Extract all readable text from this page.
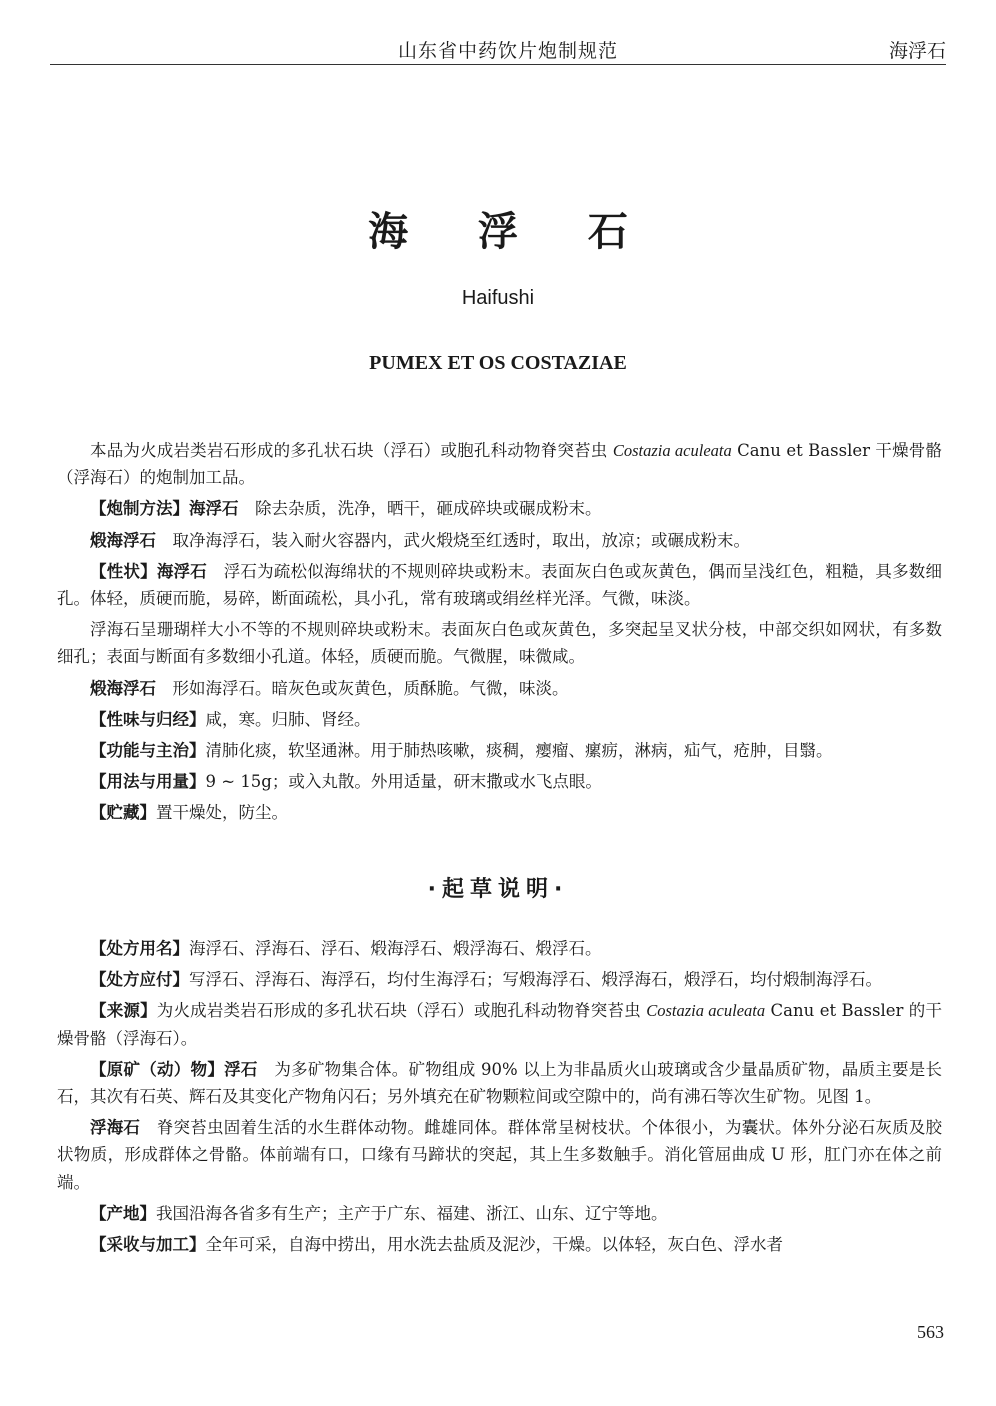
山东省中药饮片炮制规范	海浮石
海 浮 石
Haifushi
PUMEX ET OS COSTAZIAE

本品为火成岩类岩石形成的多孔状石块（浮石）或胞孔科动物脊突苔虫 Costazia aculeata Canu et Bassler 干燥骨骼（浮海石）的炮制加工品。

【炮制方法】海浮石　除去杂质，洗净，晒干，砸成碎块或碾成粉末。

煅海浮石　取净海浮石，装入耐火容器内，武火煅烧至红透时，取出，放凉；或碾成粉末。

【性状】海浮石　浮石为疏松似海绵状的不规则碎块或粉末。表面灰白色或灰黄色，偶而呈浅红色，粗糙，具多数细孔。体轻，质硬而脆，易碎，断面疏松，具小孔，常有玻璃或绢丝样光泽。气微，味淡。

浮海石呈珊瑚样大小不等的不规则碎块或粉末。表面灰白色或灰黄色，多突起呈叉状分枝，中部交织如网状，有多数细孔；表面与断面有多数细小孔道。体轻，质硬而脆。气微腥，味微咸。

煅海浮石　形如海浮石。暗灰色或灰黄色，质酥脆。气微，味淡。

【性味与归经】咸，寒。归肺、肾经。

【功能与主治】清肺化痰，软坚通淋。用于肺热咳嗽，痰稠，瘿瘤、瘰疬，淋病，疝气，疮肿，目翳。

【用法与用量】9 ~ 15g；或入丸散。外用适量，研末撒或水飞点眼。

【贮藏】置干燥处，防尘。

·起草说明·

【处方用名】海浮石、浮海石、浮石、煅海浮石、煅浮海石、煅浮石。

【处方应付】写浮石、浮海石、海浮石，均付生海浮石；写煅海浮石、煅浮海石，煅浮石，均付煅制海浮石。

【来源】为火成岩类岩石形成的多孔状石块（浮石）或胞孔科动物脊突苔虫 Costazia aculeata Canu et Bassler 的干燥骨骼（浮海石）。

【原矿（动）物】浮石　为多矿物集合体。矿物组成 90% 以上为非晶质火山玻璃或含少量晶质矿物，晶质主要是长石，其次有石英、辉石及其变化产物角闪石；另外填充在矿物颗粒间或空隙中的，尚有沸石等次生矿物。见图 1。

浮海石　脊突苔虫固着生活的水生群体动物。雌雄同体。群体常呈树枝状。个体很小，为囊状。体外分泌石灰质及胶状物质，形成群体之骨骼。体前端有口，口缘有马蹄状的突起，其上生多数触手。消化管屈曲成 U 形，肛门亦在体之前端。

【产地】我国沿海各省多有生产；主产于广东、福建、浙江、山东、辽宁等地。

【采收与加工】全年可采，自海中捞出，用水洗去盐质及泥沙，干燥。以体轻，灰白色、浮水者

563
